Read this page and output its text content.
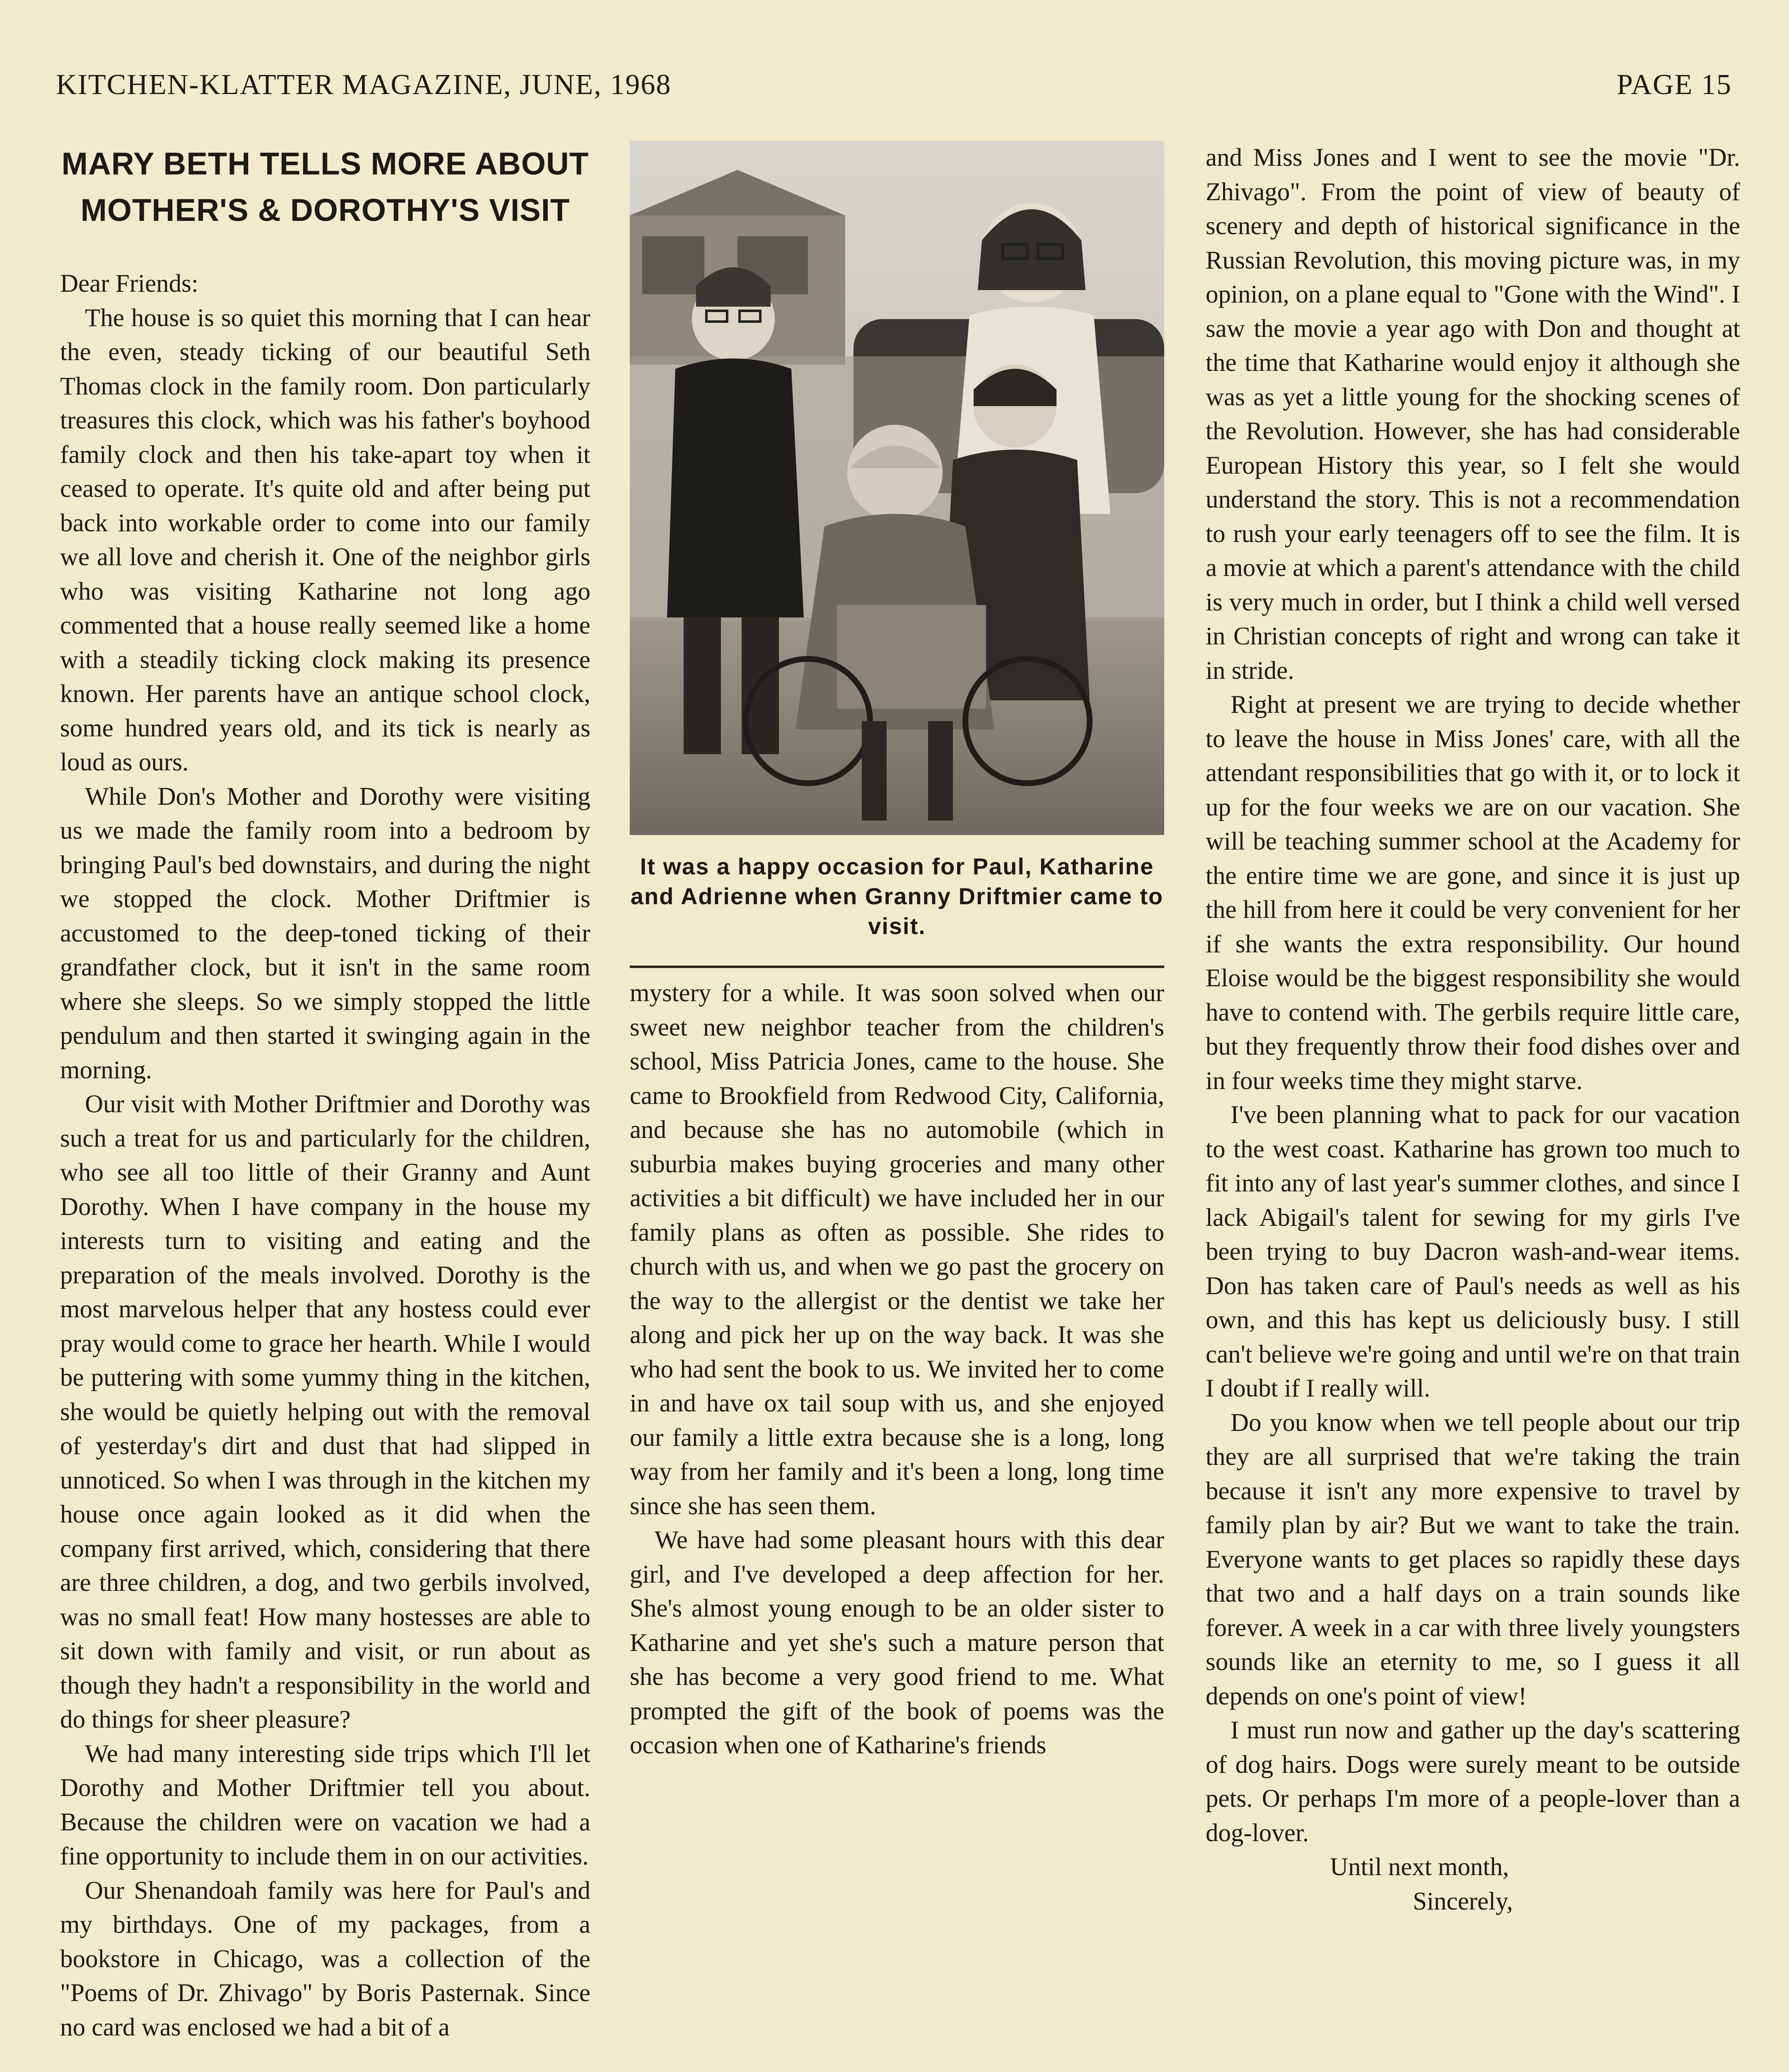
KITCHEN-KLATTER MAGAZINE, JUNE, 1968	PAGE 15
MARY BETH TELLS MORE ABOUT MOTHER'S & DOROTHY'S VISIT

Dear Friends:

The house is so quiet this morning that I can hear the even, steady ticking of our beautiful Seth Thomas clock in the family room. Don particularly treasures this clock, which was his father's boyhood family clock and then his take-apart toy when it ceased to operate. It's quite old and after being put back into workable order to come into our family we all love and cherish it. One of the neighbor girls who was visiting Katharine not long ago commented that a house really seemed like a home with a steadily ticking clock making its presence known. Her parents have an antique school clock, some hundred years old, and its tick is nearly as loud as ours.

While Don's Mother and Dorothy were visiting us we made the family room into a bedroom by bringing Paul's bed downstairs, and during the night we stopped the clock. Mother Driftmier is accustomed to the deep-toned ticking of their grandfather clock, but it isn't in the same room where she sleeps. So we simply stopped the little pendulum and then started it swinging again in the morning.

Our visit with Mother Driftmier and Dorothy was such a treat for us and particularly for the children, who see all too little of their Granny and Aunt Dorothy. When I have company in the house my interests turn to visiting and eating and the preparation of the meals involved. Dorothy is the most marvelous helper that any hostess could ever pray would come to grace her hearth. While I would be puttering with some yummy thing in the kitchen, she would be quietly helping out with the removal of yesterday's dirt and dust that had slipped in unnoticed. So when I was through in the kitchen my house once again looked as it did when the company first arrived, which, considering that there are three children, a dog, and two gerbils involved, was no small feat! How many hostesses are able to sit down with family and visit, or run about as though they hadn't a responsibility in the world and do things for sheer pleasure?

We had many interesting side trips which I'll let Dorothy and Mother Driftmier tell you about. Because the children were on vacation we had a fine opportunity to include them in on our activities.

Our Shenandoah family was here for Paul's and my birthdays. One of my packages, from a bookstore in Chicago, was a collection of the "Poems of Dr. Zhivago" by Boris Pasternak. Since no card was enclosed we had a bit of a

It was a happy occasion for Paul, Katharine and Adrienne when Granny Driftmier came to visit.

mystery for a while. It was soon solved when our sweet new neighbor teacher from the children's school, Miss Patricia Jones, came to the house. She came to Brookfield from Redwood City, California, and because she has no automobile (which in suburbia makes buying groceries and many other activities a bit difficult) we have included her in our family plans as often as possible. She rides to church with us, and when we go past the grocery on the way to the allergist or the dentist we take her along and pick her up on the way back. It was she who had sent the book to us. We invited her to come in and have ox tail soup with us, and she enjoyed our family a little extra because she is a long, long way from her family and it's been a long, long time since she has seen them.

We have had some pleasant hours with this dear girl, and I've developed a deep affection for her. She's almost young enough to be an older sister to Katharine and yet she's such a mature person that she has become a very good friend to me. What prompted the gift of the book of poems was the occasion when one of Katharine's friends

and Miss Jones and I went to see the movie "Dr. Zhivago". From the point of view of beauty of scenery and depth of historical significance in the Russian Revolution, this moving picture was, in my opinion, on a plane equal to "Gone with the Wind". I saw the movie a year ago with Don and thought at the time that Katharine would enjoy it although she was as yet a little young for the shocking scenes of the Revolution. However, she has had considerable European History this year, so I felt she would understand the story. This is not a recommendation to rush your early teenagers off to see the film. It is a movie at which a parent's attendance with the child is very much in order, but I think a child well versed in Christian concepts of right and wrong can take it in stride.

Right at present we are trying to decide whether to leave the house in Miss Jones' care, with all the attendant responsibilities that go with it, or to lock it up for the four weeks we are on our vacation. She will be teaching summer school at the Academy for the entire time we are gone, and since it is just up the hill from here it could be very convenient for her if she wants the extra responsibility. Our hound Eloise would be the biggest responsibility she would have to contend with. The gerbils require little care, but they frequently throw their food dishes over and in four weeks time they might starve.

I've been planning what to pack for our vacation to the west coast. Katharine has grown too much to fit into any of last year's summer clothes, and since I lack Abigail's talent for sewing for my girls I've been trying to buy Dacron wash-and-wear items. Don has taken care of Paul's needs as well as his own, and this has kept us deliciously busy. I still can't believe we're going and until we're on that train I doubt if I really will.

Do you know when we tell people about our trip they are all surprised that we're taking the train because it isn't any more expensive to travel by family plan by air? But we want to take the train. Everyone wants to get places so rapidly these days that two and a half days on a train sounds like forever. A week in a car with three lively youngsters sounds like an eternity to me, so I guess it all depends on one's point of view!

I must run now and gather up the day's scattering of dog hairs. Dogs were surely meant to be outside pets. Or perhaps I'm more of a people-lover than a dog-lover.

Until next month,
Sincerely,
